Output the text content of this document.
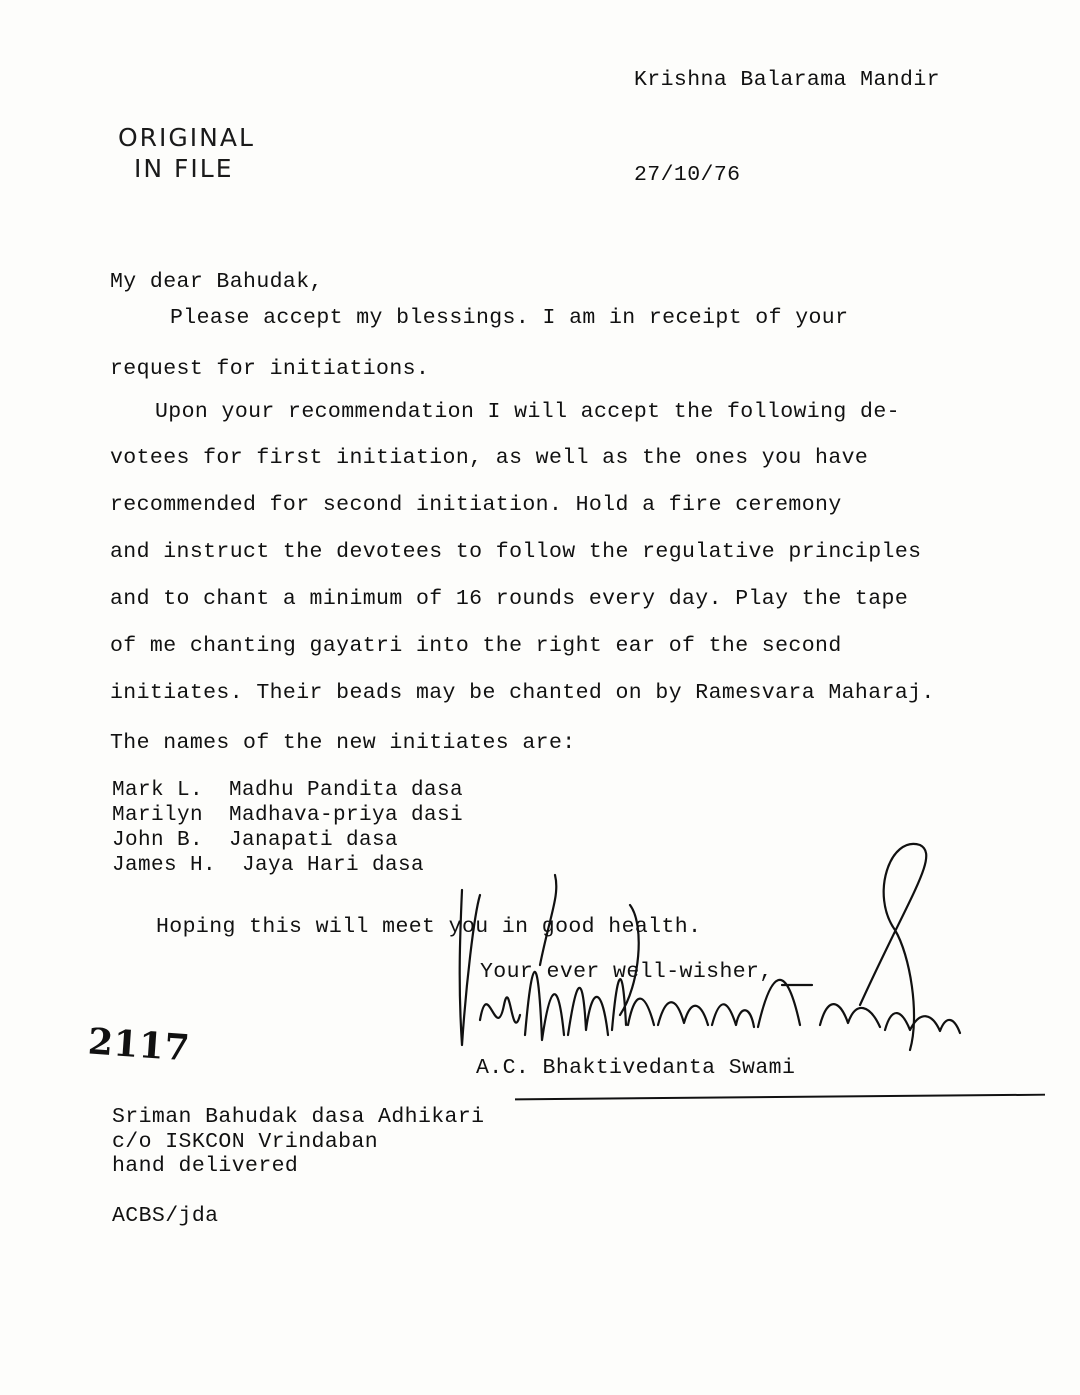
ORIGINAL
IN FILE
Krishna Balarama Mandir
27/10/76
My dear Bahudak,
Please accept my blessings. I am in receipt of your
request for initiations.
Upon your recommendation I will accept the following de-
votees for first initiation, as well as the ones you have
recommended for second initiation. Hold a fire ceremony
and instruct the devotees to follow the regulative principles
and to chant a minimum of 16 rounds every day. Play the tape
of me chanting gayatri into the right ear of the second
initiates. Their beads may be chanted on by Ramesvara Maharaj.
The names of the new initiates are:
Mark L.  Madhu Pandita dasa
Marilyn  Madhava-priya dasi
John B.  Janapati dasa
James H.  Jaya Hari dasa
Hoping this will meet you in good health.
Your ever well-wisher,
A.C. Bhaktivedanta Swami
2117
Sriman Bahudak dasa Adhikari
c/o ISKCON Vrindaban
hand delivered
ACBS/jda
